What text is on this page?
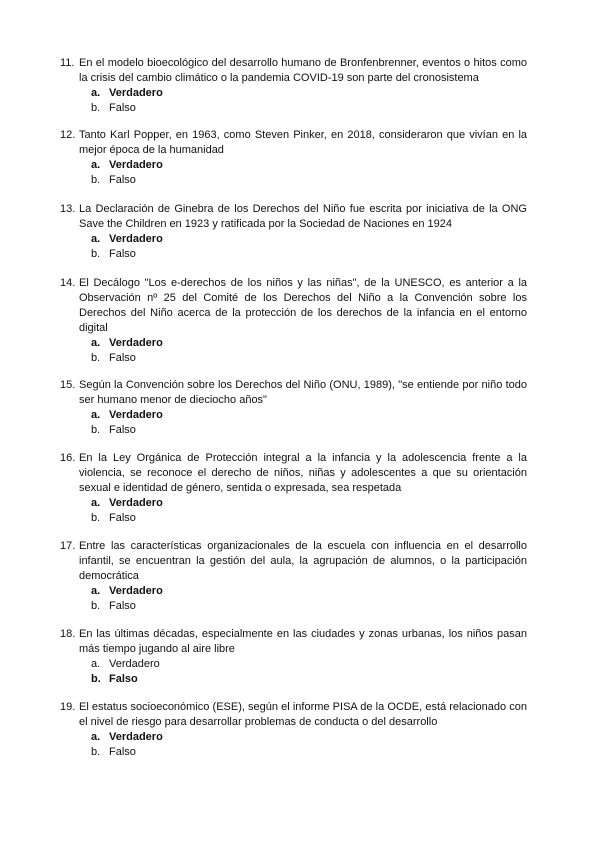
11. En el modelo bioecológico del desarrollo humano de Bronfenbrenner, eventos o hitos como la crisis del cambio climático o la pandemia COVID-19 son parte del cronosistema
a. Verdadero
b. Falso
12. Tanto Karl Popper, en 1963, como Steven Pinker, en 2018, consideraron que vivían en la mejor época de la humanidad
a. Verdadero
b. Falso
13. La Declaración de Ginebra de los Derechos del Niño fue escrita por iniciativa de la ONG Save the Children en 1923 y ratificada por la Sociedad de Naciones en 1924
a. Verdadero
b. Falso
14. El Decálogo "Los e-derechos de los niños y las niñas", de la UNESCO, es anterior a la Observación nº 25 del Comité de los Derechos del Niño a la Convención sobre los Derechos del Niño acerca de la protección de los derechos de la infancia en el entorno digital
a. Verdadero
b. Falso
15. Según la Convención sobre los Derechos del Niño (ONU, 1989), "se entiende por niño todo ser humano menor de dieciocho años"
a. Verdadero
b. Falso
16. En la Ley Orgánica de Protección integral a la infancia y la adolescencia frente a la violencia, se reconoce el derecho de niños, niñas y adolescentes a que su orientación sexual e identidad de género, sentida o expresada, sea respetada
a. Verdadero
b. Falso
17. Entre las características organizacionales de la escuela con influencia en el desarrollo infantil, se encuentran la gestión del aula, la agrupación de alumnos, o la participación democrática
a. Verdadero
b. Falso
18. En las últimas décadas, especialmente en las ciudades y zonas urbanas, los niños pasan más tiempo jugando al aire libre
a. Verdadero
b. Falso
19. El estatus socioeconómico (ESE), según el informe PISA de la OCDE, está relacionado con el nivel de riesgo para desarrollar problemas de conducta o del desarrollo
a. Verdadero
b. Falso
